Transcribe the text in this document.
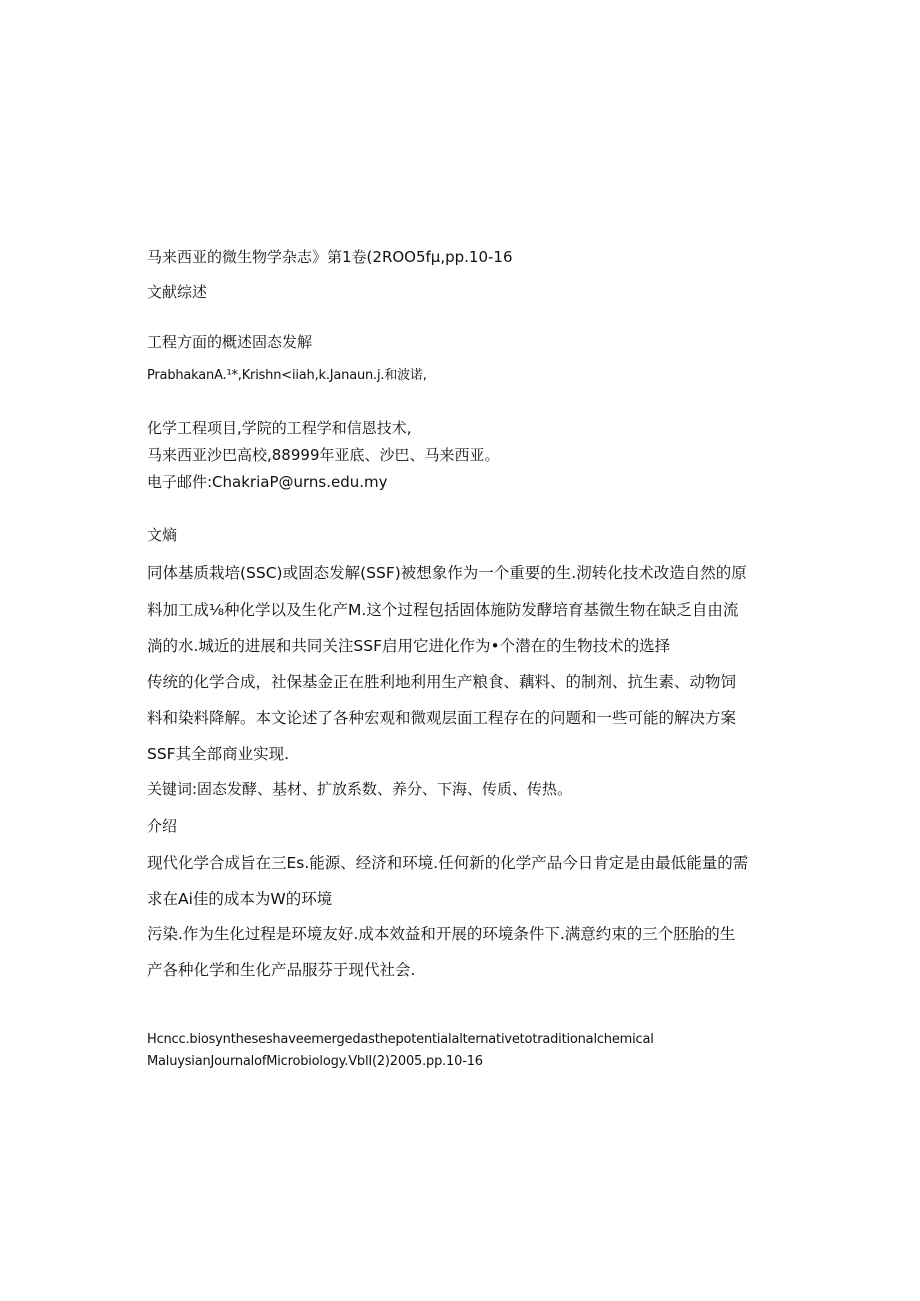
马来西亚的微生物学杂志》第1卷(2ROO5fμ,pp.10-16
文献综述
工程方面的概述固态发解
PrabhakanA.¹*,Krishn<iiah,k.Janaun.j.和波诺,
化学工程项目,学院的工程学和信恩技术,
马来西亚沙巴高校,88999年亚底、沙巴、马来西亚。
电子邮件:ChakriaP@urns.edu.my
文熵
同体基质栽培(SSC)或固态发解(SSF)被想象作为一个重要的生.沏转化技术改造自然的原
料加工成⅛种化学以及生化产M.这个过程包括固体施防发酵培育基微生物在缺乏自由流
淌的水.城近的进展和共同关注SSF启用它进化作为•个潜在的生物技术的选择
传统的化学合成，社保基金正在胜利地利用生产粮食、藕料、的制剂、抗生素、动物饲
料和染料降解。本文论述了各种宏观和微观层面工程存在的问题和一些可能的解决方案
SSF其全部商业实现.
关键词:固态发酵、基材、扩放系数、养分、下海、传质、传热。
介绍
现代化学合成旨在三Es.能源、经济和环境.任何新的化学产品今日肯定是由最低能量的需
求在Ai佳的成本为W的环境
污染.作为生化过程是环境友好.成本效益和开展的环境条件下.满意约束的三个胚胎的生
产各种化学和生化产品服芬于现代社会.
Hcncc.biosyntheseshaveemergedasthepotentialalternativetotraditionalchemical
MaluysianJournalofMicrobiology.VblI(2)2005.pp.10-16
